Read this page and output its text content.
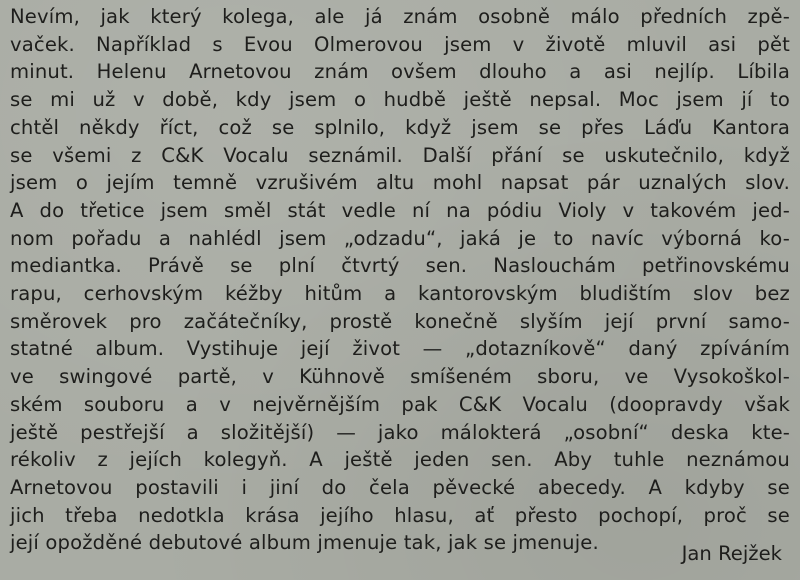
Nevím, jak který kolega, ale já znám osobně málo předních zpě-
vaček. Například s Evou Olmerovou jsem v životě mluvil asi pět
minut. Helenu Arnetovou znám ovšem dlouho a asi nejlíp. Líbila
se mi už v době, kdy jsem o hudbě ještě nepsal. Moc jsem jí to
chtěl někdy říct, což se splnilo, když jsem se přes Láďu Kantora
se všemi z C&K Vocalu seznámil. Další přání se uskutečnilo, když
jsem o jejím temně vzrušivém altu mohl napsat pár uznalých slov.
A do třetice jsem směl stát vedle ní na pódiu Violy v takovém jed-
nom pořadu a nahlédl jsem „odzadu“, jaká je to navíc výborná ko-
mediantka. Právě se plní čtvrtý sen. Naslouchám petřinovskému
rapu, cerhovským kéžby hitům a kantorovským bludištím slov bez
směrovek pro začátečníky, prostě konečně slyším její první samo-
statné album. Vystihuje její život — „dotazníkově“ daný zpíváním
ve swingové partě, v Kühnově smíšeném sboru, ve Vysokoškol-
ském souboru a v nejvěrnějším pak C&K Vocalu (doopravdy však
ještě pestřejší a složitější) — jako málokterá „osobní“ deska kte-
rékoliv z jejích kolegyň. A ještě jeden sen. Aby tuhle neznámou
Arnetovou postavili i jiní do čela pěvecké abecedy. A kdyby se
jich třeba nedotkla krása jejího hlasu, ať přesto pochopí, proč se
její opožděné debutové album jmenuje tak, jak se jmenuje.	Jan Rejžek
